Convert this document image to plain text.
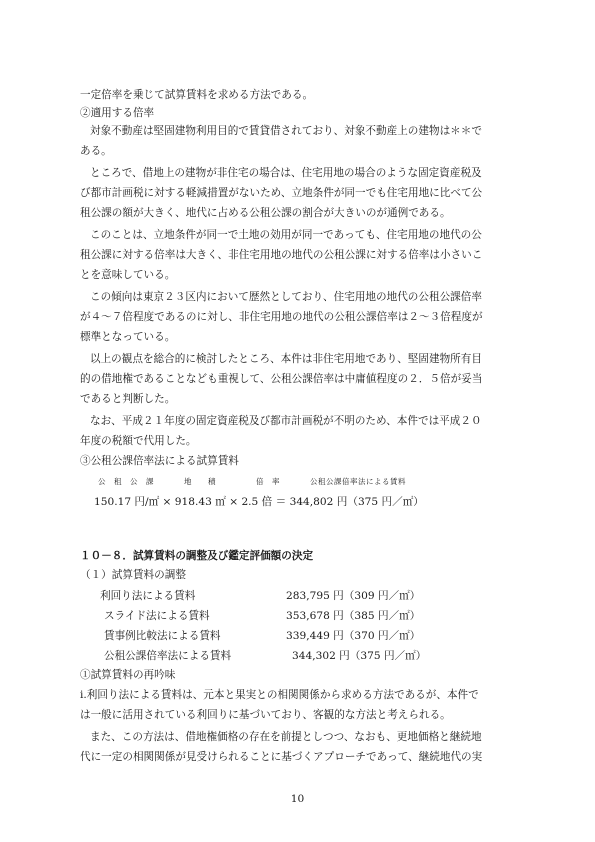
一定倍率を乗じて試算賃料を求める方法である。
②適用する倍率
対象不動産は堅固建物利用目的で賃貸借されており、対象不動産上の建物は＊＊で
ある。
ところで、借地上の建物が非住宅の場合は、住宅用地の場合のような固定資産税及
び都市計画税に対する軽減措置がないため、立地条件が同一でも住宅用地に比べて公
租公課の額が大きく、地代に占める公租公課の割合が大きいのが通例である。
このことは、立地条件が同一で土地の効用が同一であっても、住宅用地の地代の公
租公課に対する倍率は大きく、非住宅用地の地代の公租公課に対する倍率は小さいこ
とを意味している。
この傾向は東京２３区内において歴然としており、住宅用地の地代の公租公課倍率
が４～７倍程度であるのに対し、非住宅用地の地代の公租公課倍率は２～３倍程度が
標準となっている。
以上の観点を総合的に検討したところ、本件は非住宅用地であり、堅固建物所有目
的の借地権であることなども重視して、公租公課倍率は中庸値程度の２．５倍が妥当
であると判断した。
なお、平成２１年度の固定資産税及び都市計画税が不明のため、本件では平成２０
年度の税額で代用した。
③公租公課倍率法による試算賃料
公　租　公　課	地　　積	倍　率	公租公課倍率法による賃料
150.17 円/㎡ × 918.43 ㎡ × 2.5 倍 ＝ 344,802 円（375 円／㎡）
１０－８．試算賃料の調整及び鑑定評価額の決定
（１）試算賃料の調整
利回り法による賃料	283,795 円（309 円／㎡）
スライド法による賃料	353,678 円（385 円／㎡）
賃事例比較法による賃料	339,449 円（370 円／㎡）
公租公課倍率法による賃料	344,302 円（375 円／㎡）
①試算賃料の再吟味
ⅰ.利回り法による賃料は、元本と果実との相関関係から求める方法であるが、本件で
は一般に活用されている利回りに基づいており、客観的な方法と考えられる。
また、この方法は、借地権価格の存在を前提としつつ、なおも、更地価格と継続地
代に一定の相関関係が見受けられることに基づくアプローチであって、継続地代の実
10
